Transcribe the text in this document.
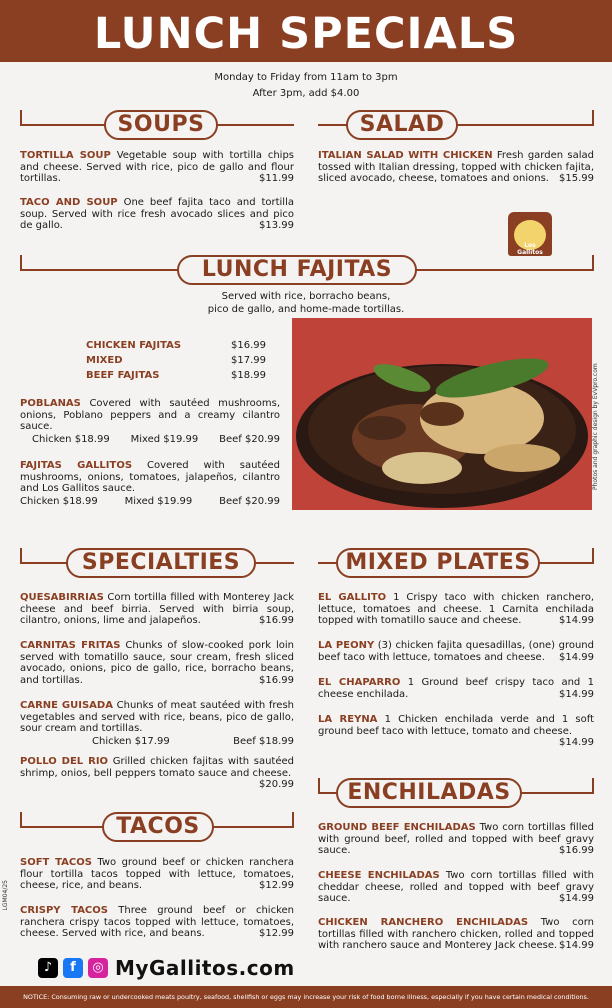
LUNCH SPECIALS
Monday to Friday from 11am to 3pm
After 3pm, add $4.00
SOUPS	SALAD
TORTILLA SOUP Vegetable soup with tortilla chips and cheese. Served with rice, pico de gallo and flour tortillas.	$11.99
TACO AND SOUP One beef fajita taco and tortilla soup. Served with rice fresh avocado slices and pico de gallo.	$13.99
ITALIAN SALAD WITH CHICKEN Fresh garden salad tossed with Italian dressing, topped with chicken fajita, sliced avocado, cheese, tomatoes and onions. $15.99
Los Gallitos
LUNCH FAJITAS
Served with rice, borracho beans,
pico de gallo, and home-made tortillas.
CHICKEN FAJITAS	$16.99
MIXED	$17.99
BEEF FAJITAS	$18.99
POBLANAS Covered with sautéed mushrooms, onions, Poblano peppers and a creamy cilantro sauce.
Chicken $18.99 Mixed $19.99 Beef $20.99
FAJITAS GALLITOS Covered with sautéed mushrooms, onions, tomatoes, jalapeños, cilantro and Los Gallitos sauce.
Chicken $18.99	Mixed $19.99	Beef $20.99
Photos and graphic design by EvVpro.com
SPECIALTIES	MIXED PLATES
QUESABIRRIAS Corn tortilla filled with Monterey Jack cheese and beef birria. Served with birria soup, cilantro, onions, lime and jalapeños.	$16.99
CARNITAS FRITAS Chunks of slow-cooked pork loin served with tomatillo sauce, sour cream, fresh sliced avocado, onions, pico de gallo, rice, borracho beans, and tortillas.	$16.99
CARNE GUISADA Chunks of meat sautéed with fresh vegetables and served with rice, beans, pico de gallo, sour cream and tortillas.
Chicken $17.99	Beef $18.99
POLLO DEL RIO Grilled chicken fajitas with sautéed shrimp, onios, bell peppers tomato sauce and cheese.
$20.99
EL GALLITO 1 Crispy taco with chicken ranchero, lettuce, tomatoes and cheese. 1 Carnita enchilada topped with tomatillo sauce and cheese.	$14.99
LA PEONY (3) chicken fajita quesadillas, (one) ground beef taco with lettuce, tomatoes and cheese. $14.99
EL CHAPARRO 1 Ground beef crispy taco and 1 cheese enchilada.	$14.99
LA REYNA 1 Chicken enchilada verde and 1 soft ground beef taco with lettuce, tomato and cheese.
$14.99
ENCHILADAS
TACOS	GROUND BEEF ENCHILADAS Two corn tortillas filled with ground beef, rolled and topped with beef gravy sauce.	$16.99
CHEESE ENCHILADAS Two corn tortillas filled with cheddar cheese, rolled and topped with beef gravy sauce.	$14.99
CHICKEN RANCHERO ENCHILADAS Two corn tortillas filled with ranchero chicken, rolled and topped with ranchero sauce and Monterey Jack cheese. $14.99
SOFT TACOS Two ground beef or chicken ranchera flour tortilla tacos topped with lettuce, tomatoes, cheese, rice, and beans.	$12.99
CRISPY TACOS Three ground beef or chicken ranchera crispy tacos topped with lettuce, tomatoes, cheese. Served with rice, and beans.	$12.99
LGM04/25
♪	f	◎ MyGallitos.com
NOTICE: Consuming raw or undercooked meats poultry, seafood, shellfish or eggs may increase your risk of food borne illness, especially if you have certain medical conditions.
